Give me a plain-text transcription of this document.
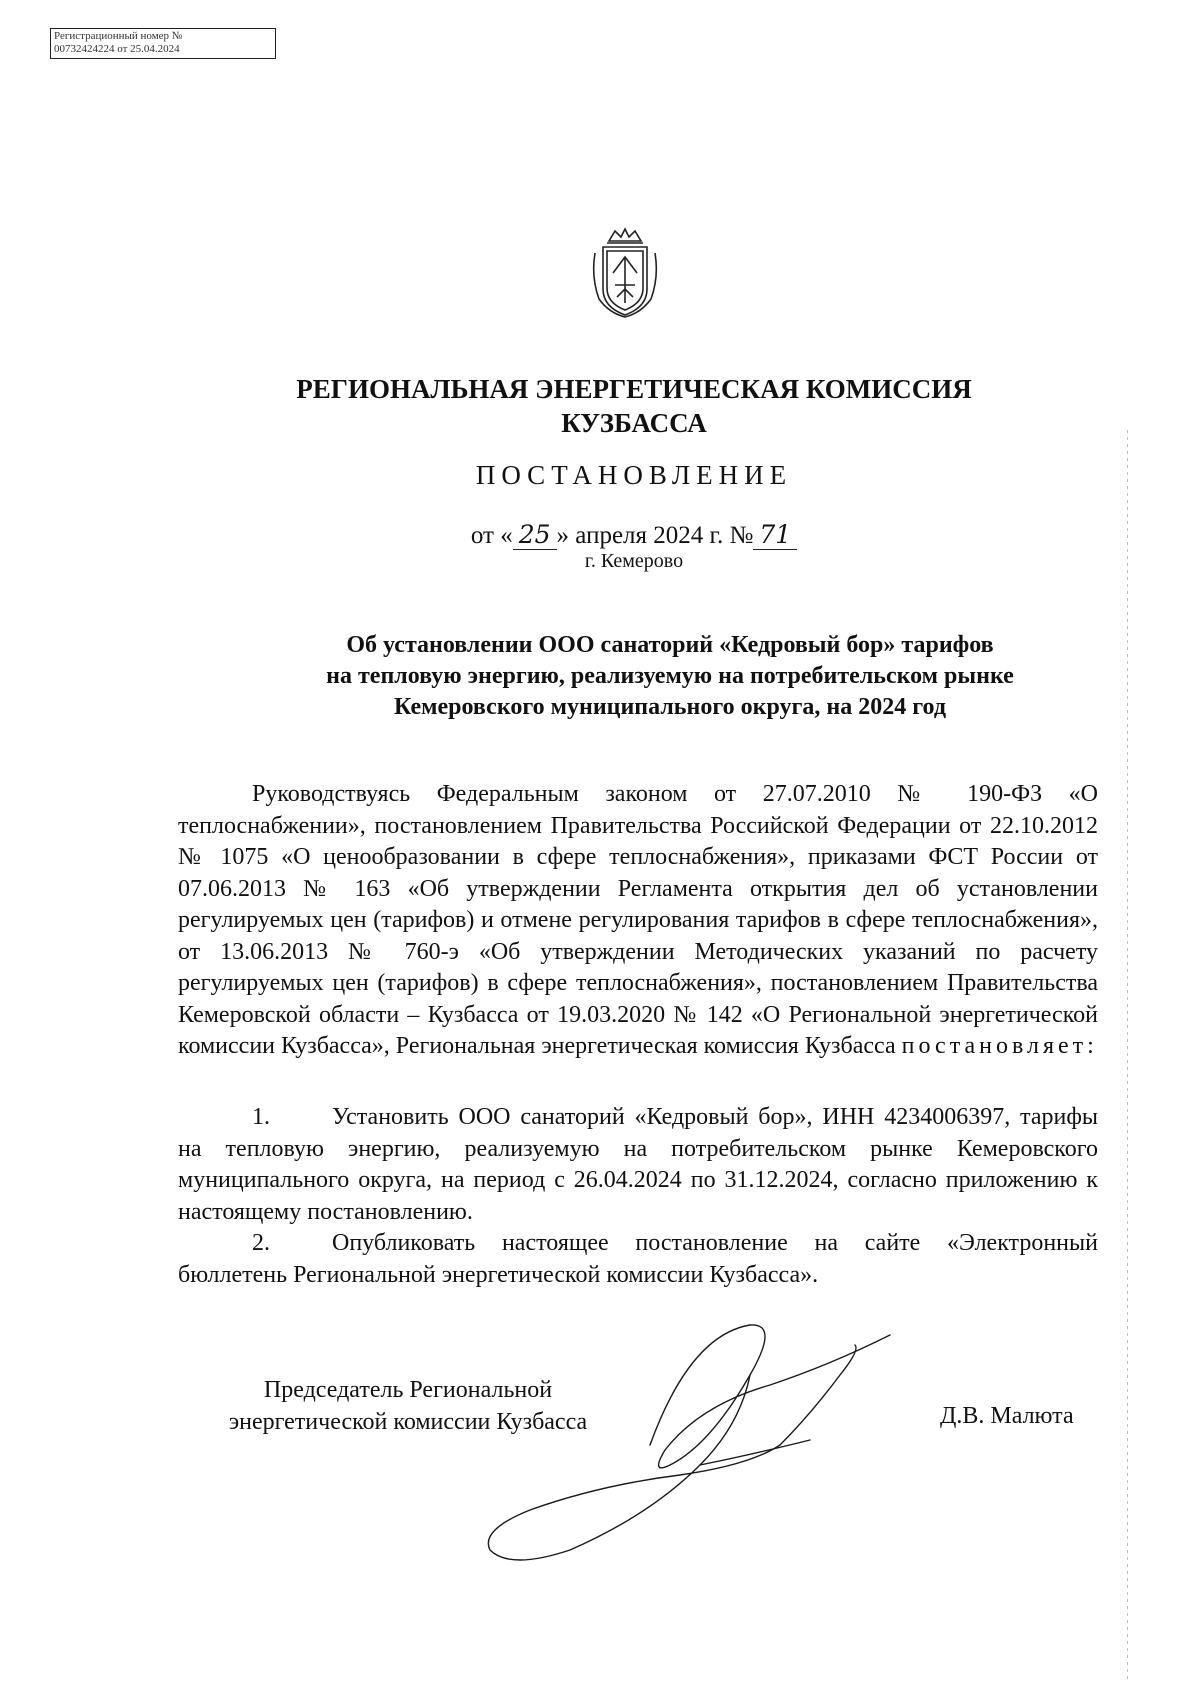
Регистрационный номер №
00732424224 от 25.04.2024
РЕГИОНАЛЬНАЯ ЭНЕРГЕТИЧЕСКАЯ КОМИССИЯ
КУЗБАССА
ПОСТАНОВЛЕНИЕ
от « 25 » апреля 2024 г. № 71
г. Кемерово
Об установлении ООО санаторий «Кедровый бор» тарифов
на тепловую энергию, реализуемую на потребительском рынке
Кемеровского муниципального округа, на 2024 год
Руководствуясь Федеральным законом от 27.07.2010 № 190-ФЗ «О теплоснабжении», постановлением Правительства Российской Федерации от 22.10.2012 № 1075 «О ценообразовании в сфере теплоснабжения», приказами ФСТ России от 07.06.2013 № 163 «Об утверждении Регламента открытия дел об установлении регулируемых цен (тарифов) и отмене регулирования тарифов в сфере теплоснабжения», от 13.06.2013 № 760-э «Об утверждении Методических указаний по расчету регулируемых цен (тарифов) в сфере теплоснабжения», постановлением Правительства Кемеровской области – Кузбасса от 19.03.2020 № 142 «О Региональной энергетической комиссии Кузбасса», Региональная энергетическая комиссия Кузбасса постановляет:
1.	Установить ООО санаторий «Кедровый бор», ИНН 4234006397, тарифы на тепловую энергию, реализуемую на потребительском рынке Кемеровского муниципального округа, на период с 26.04.2024 по 31.12.2024, согласно приложению к настоящему постановлению.
2.	Опубликовать настоящее постановление на сайте «Электронный бюллетень Региональной энергетической комиссии Кузбасса».
Председатель Региональной
энергетической комиссии Кузбасса	Д.В. Малюта
